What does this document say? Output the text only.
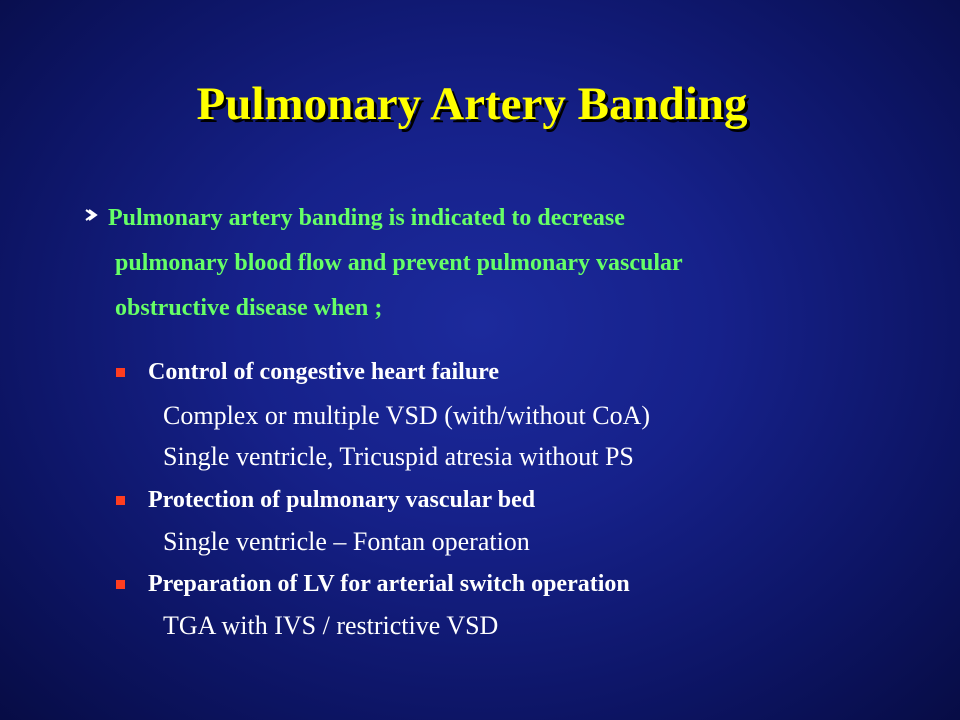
Pulmonary Artery Banding
Pulmonary artery banding is indicated to decrease
pulmonary blood flow and prevent pulmonary vascular
obstructive disease when ;
Control of congestive heart failure
Complex or multiple VSD (with/without CoA)
Single ventricle, Tricuspid atresia without PS
Protection of pulmonary vascular bed
Single ventricle – Fontan operation
Preparation of LV for arterial switch operation
TGA with IVS / restrictive VSD
